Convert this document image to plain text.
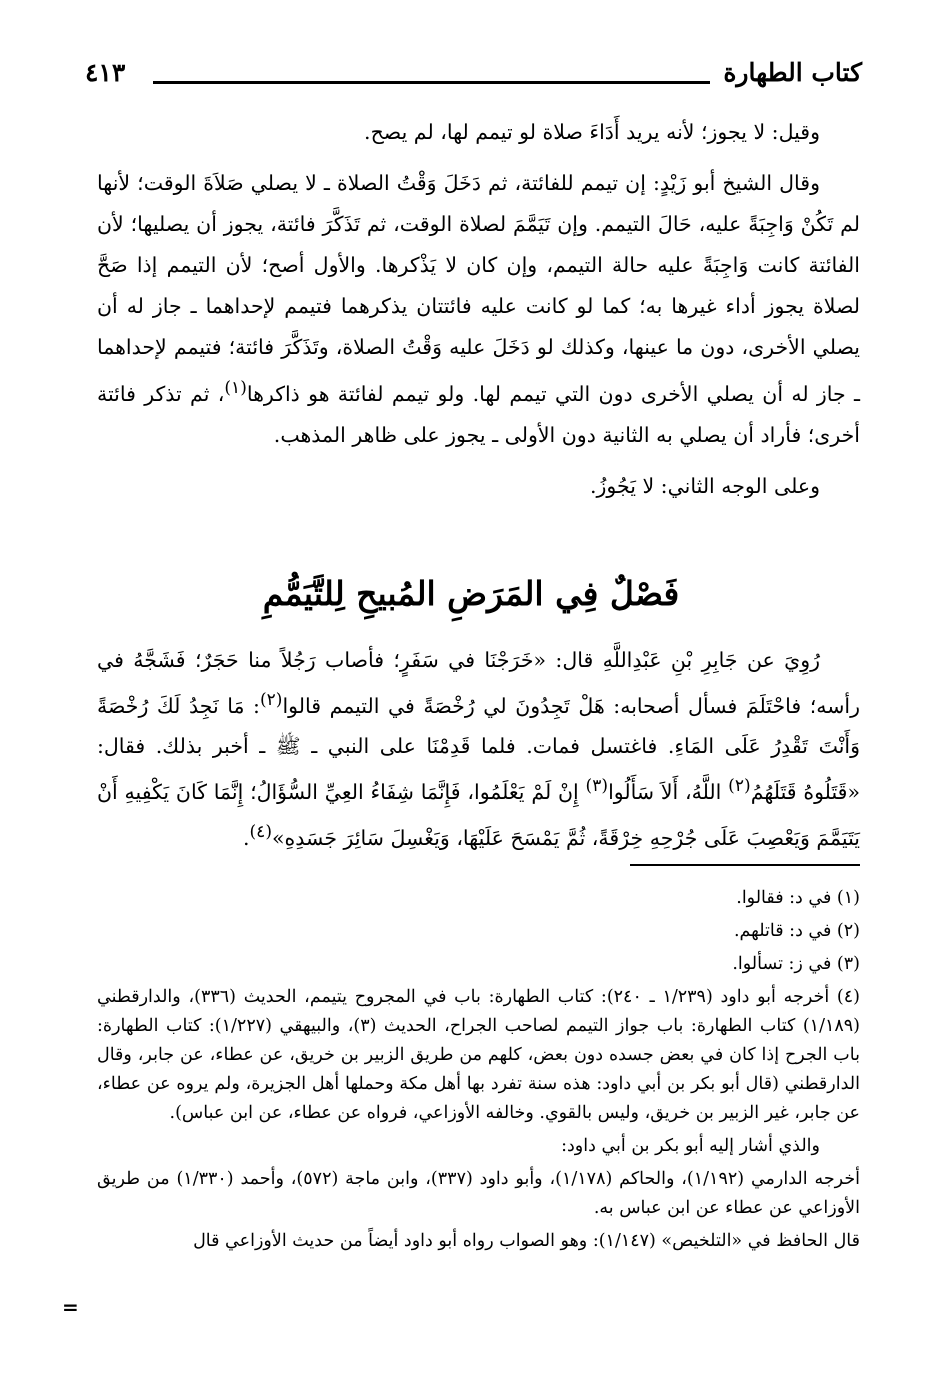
كتاب الطهارة
٤١٣

وقيل: لا يجوز؛ لأنه يريد أَدَاءَ صلاة لو تيمم لها، لم يصح.

وقال الشيخ أبو زَيْدٍ: إن تيمم للفائتة، ثم دَخَلَ وَقْتُ الصلاة ـ لا يصلي صَلاَةَ الوقت؛ لأنها لم تَكُنْ وَاجِبَةً عليه، حَالَ التيمم. وإن تَيَمَّمَ لصلاة الوقت، ثم تَذَكَّرَ فائتة، يجوز أن يصليها؛ لأن الفائتة كانت وَاجِبَةً عليه حالة التيمم، وإن كان لا يَذْكرها. والأول أصح؛ لأن التيمم إذا صَحَّ لصلاة يجوز أداء غيرها به؛ كما لو كانت عليه فائتتان يذكرهما فتيمم لإحداهما ـ جاز له أن يصلي الأخرى، دون ما عينها، وكذلك لو دَخَلَ عليه وَقْتُ الصلاة، وتَذَكَّرَ فائتة؛ فتيمم لإحداهما ـ جاز له أن يصلي الأخرى دون التي تيمم لها. ولو تيمم لفائتة هو ذاكرها$^{(١)}$، ثم تذكر فائتة أخرى؛ فأراد أن يصلي به الثانية دون الأولى ـ يجوز على ظاهر المذهب.

وعلى الوجه الثاني: لا يَجُوزُ.

فَصْلٌ فِي المَرَضِ المُبيحِ لِلتَّيَمُّمِ

رُوِيَ عن جَابِرِ بْنِ عَبْدِاللَّهِ قال: «خَرَجْنَا في سَفَرٍ؛ فأصاب رَجُلاً منا حَجَرٌ؛ فَشَجَّهُ في رأسه؛ فاحْتَلَمَ فسأل أصحابه: هَلْ تَجِدُونَ لي رُخْصَةً في التيمم قالوا$^{(٢)}$: مَا نَجِدُ لَكَ رُخْصَةً وَأَنْتَ تَقْدِرُ عَلَى المَاءِ. فاغتسل فمات. فلما قَدِمْنَا على النبي ـ ﷺ ـ أخبر بذلك. فقال: «قَتَلُوهُ قَتَلَهُمُ$^{(٢)}$ اللَّهُ، أَلاَ سَأَلُوا$^{(٣)}$ إِنْ لَمْ يَعْلَمُوا، فَإِنَّمَا شِفَاءُ العِيِّ السُّؤَالُ؛ إِنَّمَا كَانَ يَكْفِيهِ أَنْ يَتَيَمَّمَ وَيَعْصِبَ عَلَى جُرْحِهِ خِرْقَةً، ثُمَّ يَمْسَحَ عَلَيْهَا، وَيَغْسِلَ سَائِرَ جَسَدِهِ»$^{(٤)}$.

(١) في د: فقالوا.

(٢) في د: قاتلهم.

(٣) في ز: تسألوا.

(٤) أخرجه أبو داود (١/٢٣٩ ـ ٢٤٠): كتاب الطهارة: باب في المجروح يتيمم، الحديث (٣٣٦)، والدارقطني (١/١٨٩) كتاب الطهارة: باب جواز التيمم لصاحب الجراح، الحديث (٣)، والبيهقي (١/٢٢٧): كتاب الطهارة: باب الجرح إذا كان في بعض جسده دون بعض، كلهم من طريق الزبير بن خريق، عن عطاء، عن جابر، وقال الدارقطني (قال أبو بكر بن أبي داود: هذه سنة تفرد بها أهل مكة وحملها أهل الجزيرة، ولم يروه عن عطاء، عن جابر، غير الزبير بن خريق، وليس بالقوي. وخالفه الأوزاعي، فرواه عن عطاء، عن ابن عباس).

والذي أشار إليه أبو بكر بن أبي داود:

أخرجه الدارمي (١/١٩٢)، والحاكم (١/١٧٨)، وأبو داود (٣٣٧)، وابن ماجة (٥٧٢)، وأحمد (١/٣٣٠) من طريق الأوزاعي عن عطاء عن ابن عباس به.

قال الحافظ في «التلخيص» (١/١٤٧): وهو الصواب رواه أبو داود أيضاً من حديث الأوزاعي قال

=
